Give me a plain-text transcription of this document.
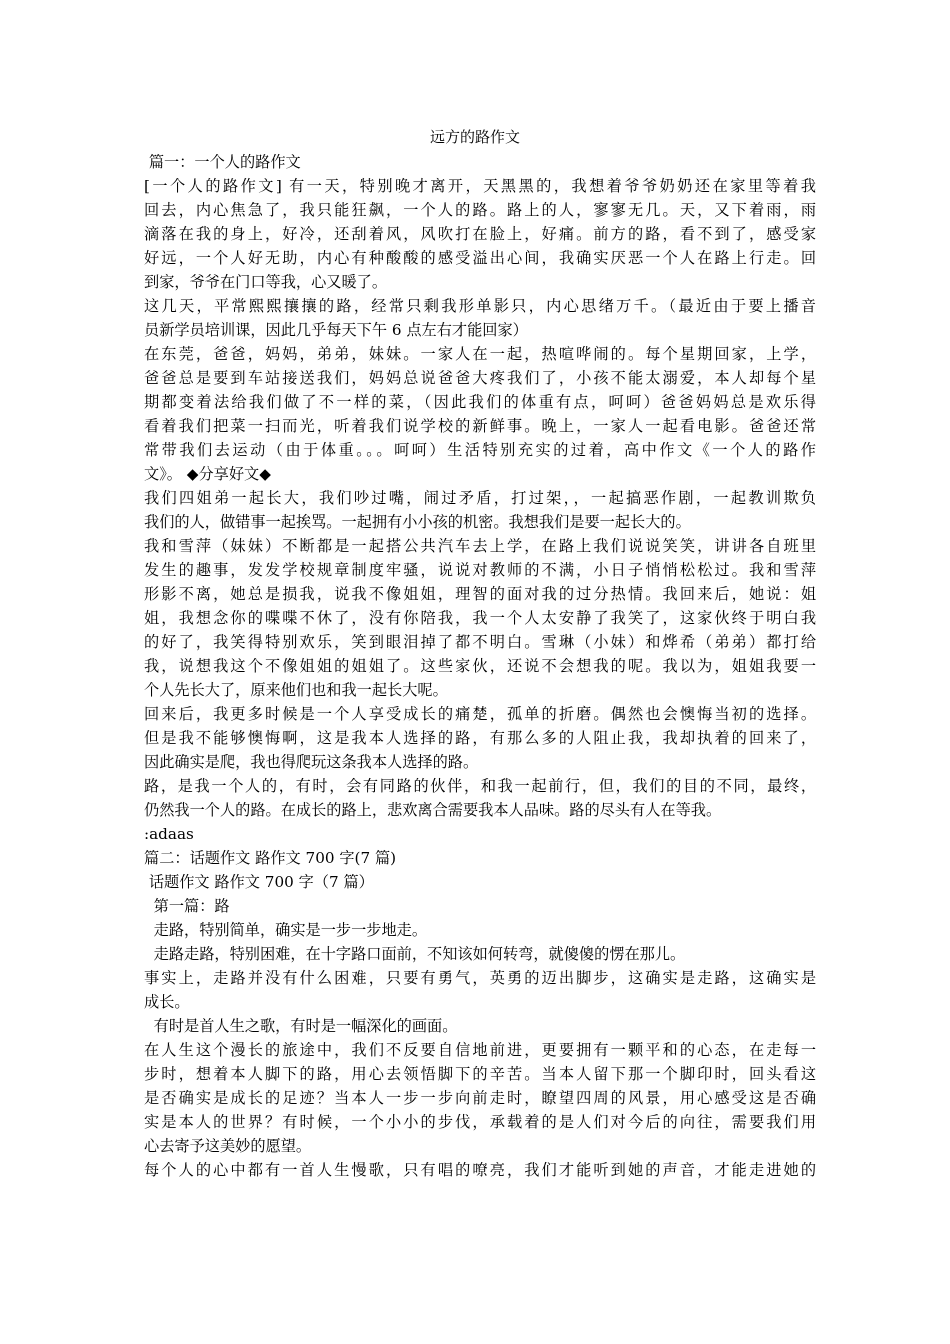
远方的路作文
篇一：一个人的路作文
[一个人的路作文] 有一天，特别晚才离开，天黑黑的，我想着爷爷奶奶还在家里等着我
回去，内心焦急了，我只能狂飙，一个人的路。路上的人，寥寥无几。天，又下着雨，雨
滴落在我的身上，好冷，还刮着风，风吹打在脸上，好痛。前方的路，看不到了，感受家
好远，一个人好无助，内心有种酸酸的感受溢出心间，我确实厌恶一个人在路上行走。回
到家，爷爷在门口等我，心又暖了。
这几天，平常熙熙攘攘的路，经常只剩我形单影只，内心思绪万千。（最近由于要上播音
员新学员培训课，因此几乎每天下午 6 点左右才能回家）
在东莞，爸爸，妈妈，弟弟，妹妹。一家人在一起，热喧哗闹的。每个星期回家，上学，
爸爸总是要到车站接送我们，妈妈总说爸爸大疼我们了，小孩不能太溺爱，本人却每个星
期都变着法给我们做了不一样的菜，（因此我们的体重有点，呵呵）爸爸妈妈总是欢乐得
看着我们把菜一扫而光，听着我们说学校的新鲜事。晚上，一家人一起看电影。爸爸还常
常带我们去运动（由于体重。。。呵呵）生活特别充实的过着，高中作文《一个人的路作
文》。 ◆分享好文◆
我们四姐弟一起长大，我们吵过嘴，闹过矛盾，打过架，，一起搞恶作剧，一起教训欺负
我们的人，做错事一起挨骂。一起拥有小小孩的机密。我想我们是要一起长大的。
我和雪萍（妹妹）不断都是一起搭公共汽车去上学，在路上我们说说笑笑，讲讲各自班里
发生的趣事，发发学校规章制度牢骚，说说对教师的不满，小日子悄悄松松过。我和雪萍
形影不离，她总是损我，说我不像姐姐，理智的面对我的过分热情。我回来后，她说：姐
姐，我想念你的喋喋不休了，没有你陪我，我一个人太安静了我笑了，这家伙终于明白我
的好了，我笑得特别欢乐，笑到眼泪掉了都不明白。雪琳（小妹）和烨希（弟弟）都打给
我，说想我这个不像姐姐的姐姐了。这些家伙，还说不会想我的呢。我以为，姐姐我要一
个人先长大了，原来他们也和我一起长大呢。
回来后，我更多时候是一个人享受成长的痛楚，孤单的折磨。偶然也会懊悔当初的选择。
但是我不能够懊悔啊，这是我本人选择的路，有那么多的人阻止我，我却执着的回来了，
因此确实是爬，我也得爬玩这条我本人选择的路。
路，是我一个人的，有时，会有同路的伙伴，和我一起前行，但，我们的目的不同，最终，
仍然我一个人的路。在成长的路上，悲欢离合需要我本人品味。路的尽头有人在等我。
:adaas
篇二：话题作文 路作文 700 字(7 篇)
话题作文 路作文 700 字（7 篇）
第一篇：路
走路，特别简单，确实是一步一步地走。
走路走路，特别困难，在十字路口面前，不知该如何转弯，就傻傻的愣在那儿。
事实上，走路并没有什么困难，只要有勇气，英勇的迈出脚步，这确实是走路，这确实是
成长。
有时是首人生之歌，有时是一幅深化的画面。
在人生这个漫长的旅途中，我们不反要自信地前进，更要拥有一颗平和的心态，在走每一
步时，想着本人脚下的路，用心去领悟脚下的辛苦。当本人留下那一个脚印时，回头看这
是否确实是成长的足迹？当本人一步一步向前走时，瞭望四周的风景，用心感受这是否确
实是本人的世界？有时候，一个小小的步伐，承载着的是人们对今后的向往，需要我们用
心去寄予这美妙的愿望。
每个人的心中都有一首人生慢歌，只有唱的嘹亮，我们才能听到她的声音，才能走进她的
